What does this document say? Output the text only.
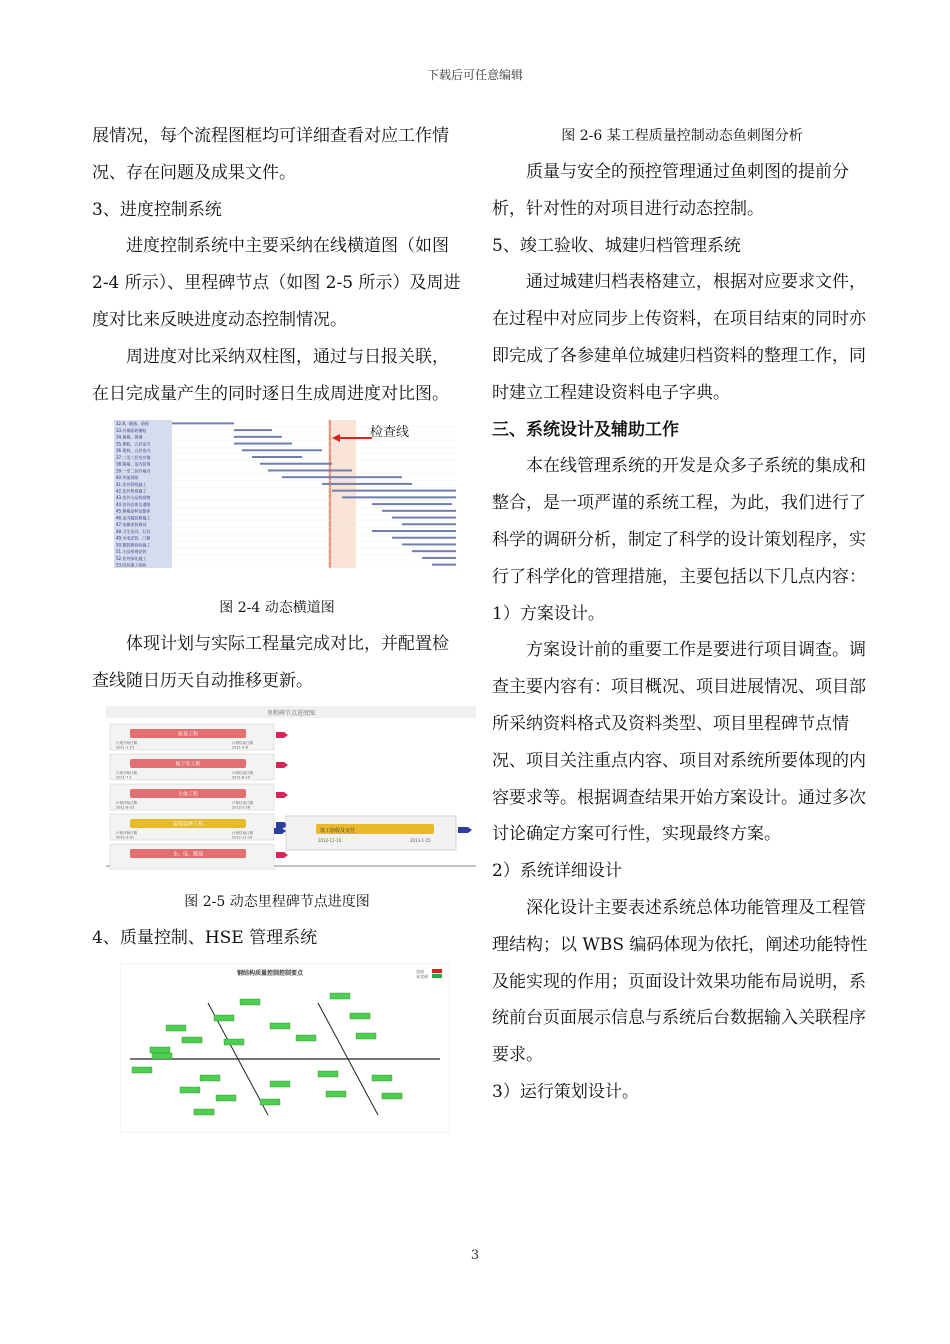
下载后可任意编辑

展情况，每个流程图框均可详细查看对应工作情况、存在问题及成果文件。

3、进度控制系统

进度控制系统中主要采纳在线横道图（如图 2-4 所示）、里程碑节点（如图 2-5 所示）及周进度对比来反映进度动态控制情况。

周进度对比采纳双柱图，通过与日报关联，在日完成量产生的同时逐日生成周进度对比图。

32.8、暖通、防排
33.外墙面砖铺贴
34.幕墙、玻璃
35.塔机、五层室内
36.塔机、五层室内
37.二至三层室外墙
38.幕墙、室内装饰
39.一至二层外墙内
40.外架拆除
41.室外管线施工
42.室外景观施工
43.室外小品构筑物
44.室外总体及道路
45.幕墙涂料及整体
46.室内精装修施工
47.电梯安装调试
48.卫生洁具、灯具
49.水电安装、门窗
50.精装修验收施工
51.小品景观安装
52.室外绿化施工
53.四层竣工验收
检查线

图 2-4 动态横道图

体现计划与实际工程量完成对比，并配置检查线随日历天自动推移更新。

里程碑节点进度图
桩基工程
计划开始日期
2011-1-15
计划结束日期
2011-5-8
地下室工程
计划开始日期
2011-7-1
计划结束日期
2011-8-10
主体工程
计划开始日期
2011-8-23
计划结束日期
2012-5-26
装饰装修工程
计划开始日期
2012-3-01
计划结束日期
2012-11-10
水、电、暖通
竣工验收及交付
2012-11-10	2013-1-15

图 2-5 动态里程碑节点进度图

4、质量控制、HSE 管理系统

钢结构质量控制控制要点	完成
未完成

图 2-6 某工程质量控制动态鱼刺图分析

质量与安全的预控管理通过鱼刺图的提前分析，针对性的对项目进行动态控制。

5、竣工验收、城建归档管理系统

通过城建归档表格建立，根据对应要求文件，在过程中对应同步上传资料，在项目结束的同时亦即完成了各参建单位城建归档资料的整理工作，同时建立工程建设资料电子字典。

三、系统设计及辅助工作

本在线管理系统的开发是众多子系统的集成和整合，是一项严谨的系统工程，为此，我们进行了科学的调研分析，制定了科学的设计策划程序，实行了科学化的管理措施，主要包括以下几点内容：

1）方案设计。

方案设计前的重要工作是要进行项目调查。调查主要内容有：项目概况、项目进展情况、项目部所采纳资料格式及资料类型、项目里程碑节点情况、项目关注重点内容、项目对系统所要体现的内容要求等。根据调查结果开始方案设计。通过多次讨论确定方案可行性，实现最终方案。

2）系统详细设计

深化设计主要表述系统总体功能管理及工程管理结构；以 WBS 编码体现为依托，阐述功能特性及能实现的作用；页面设计效果功能布局说明，系统前台页面展示信息与系统后台数据输入关联程序要求。

3）运行策划设计。

3
